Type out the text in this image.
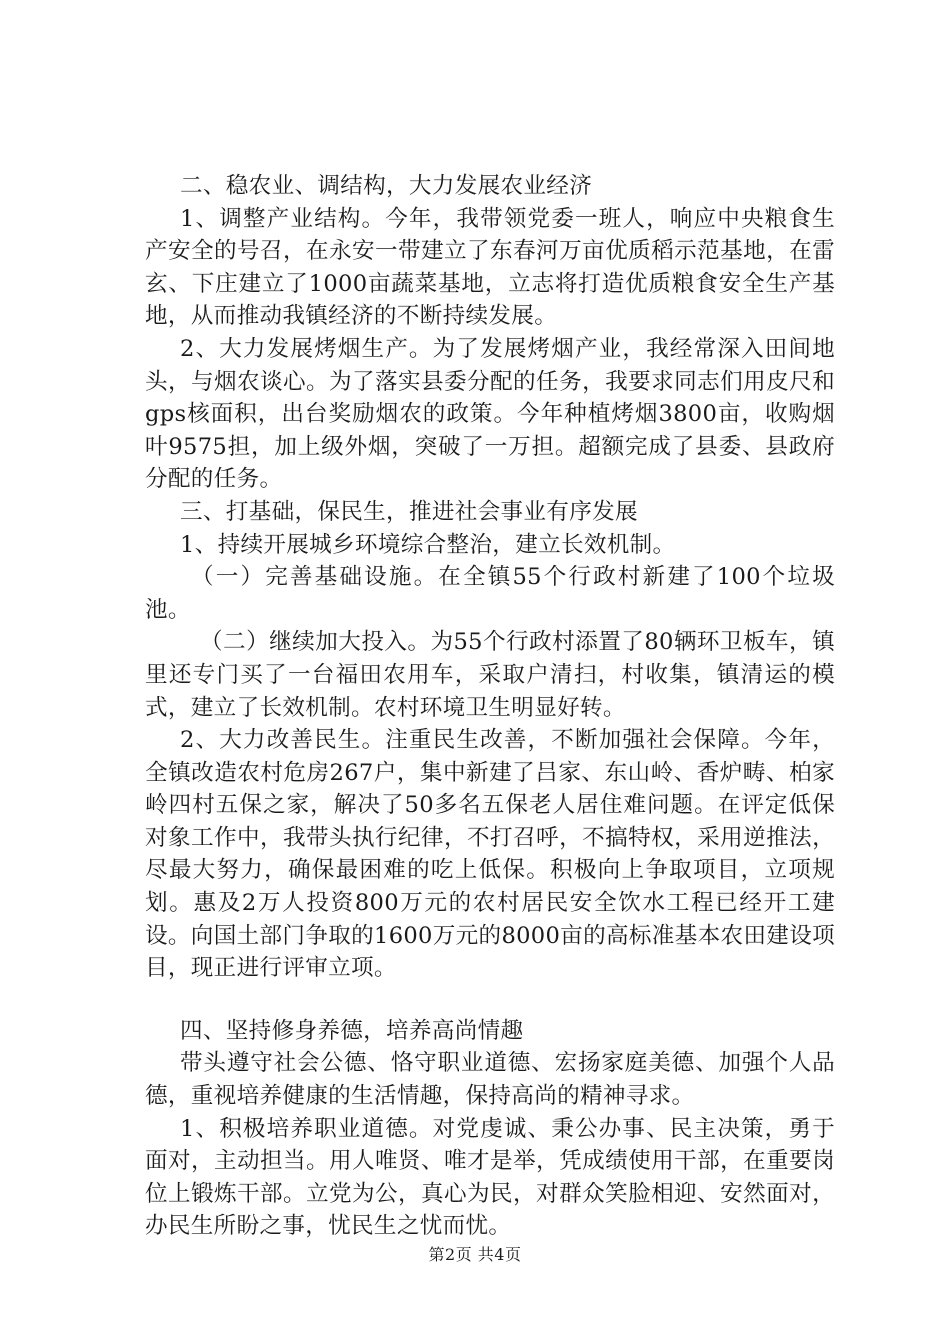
二、稳农业、调结构，大力发展农业经济

1、调整产业结构。今年，我带领党委一班人，响应中央粮食生产安全的号召，在永安一带建立了东春河万亩优质稻示范基地，在雷玄、下庄建立了1000亩蔬菜基地，立志将打造优质粮食安全生产基地，从而推动我镇经济的不断持续发展。

2、大力发展烤烟生产。为了发展烤烟产业，我经常深入田间地头，与烟农谈心。为了落实县委分配的任务，我要求同志们用皮尺和gps核面积，出台奖励烟农的政策。今年种植烤烟3800亩，收购烟叶9575担，加上级外烟，突破了一万担。超额完成了县委、县政府分配的任务。

三、打基础，保民生，推进社会事业有序发展

1、持续开展城乡环境综合整治，建立长效机制。

（一）完善基础设施。在全镇55个行政村新建了100个垃圾池。

（二）继续加大投入。为55个行政村添置了80辆环卫板车，镇里还专门买了一台福田农用车，采取户清扫，村收集，镇清运的模式，建立了长效机制。农村环境卫生明显好转。

2、大力改善民生。注重民生改善，不断加强社会保障。今年，全镇改造农村危房267户，集中新建了吕家、东山岭、香炉畴、柏家岭四村五保之家，解决了50多名五保老人居住难问题。在评定低保对象工作中，我带头执行纪律，不打召呼，不搞特权，采用逆推法，尽最大努力，确保最困难的吃上低保。积极向上争取项目，立项规划。惠及2万人投资800万元的农村居民安全饮水工程已经开工建设。向国土部门争取的1600万元的8000亩的高标准基本农田建设项目，现正进行评审立项。

四、坚持修身养德，培养高尚情趣

带头遵守社会公德、恪守职业道德、宏扬家庭美德、加强个人品德，重视培养健康的生活情趣，保持高尚的精神寻求。

1、积极培养职业道德。对党虔诚、秉公办事、民主决策，勇于面对，主动担当。用人唯贤、唯才是举，凭成绩使用干部，在重要岗位上锻炼干部。立党为公，真心为民，对群众笑脸相迎、安然面对，办民生所盼之事，忧民生之忧而忧。

第2页 共4页
